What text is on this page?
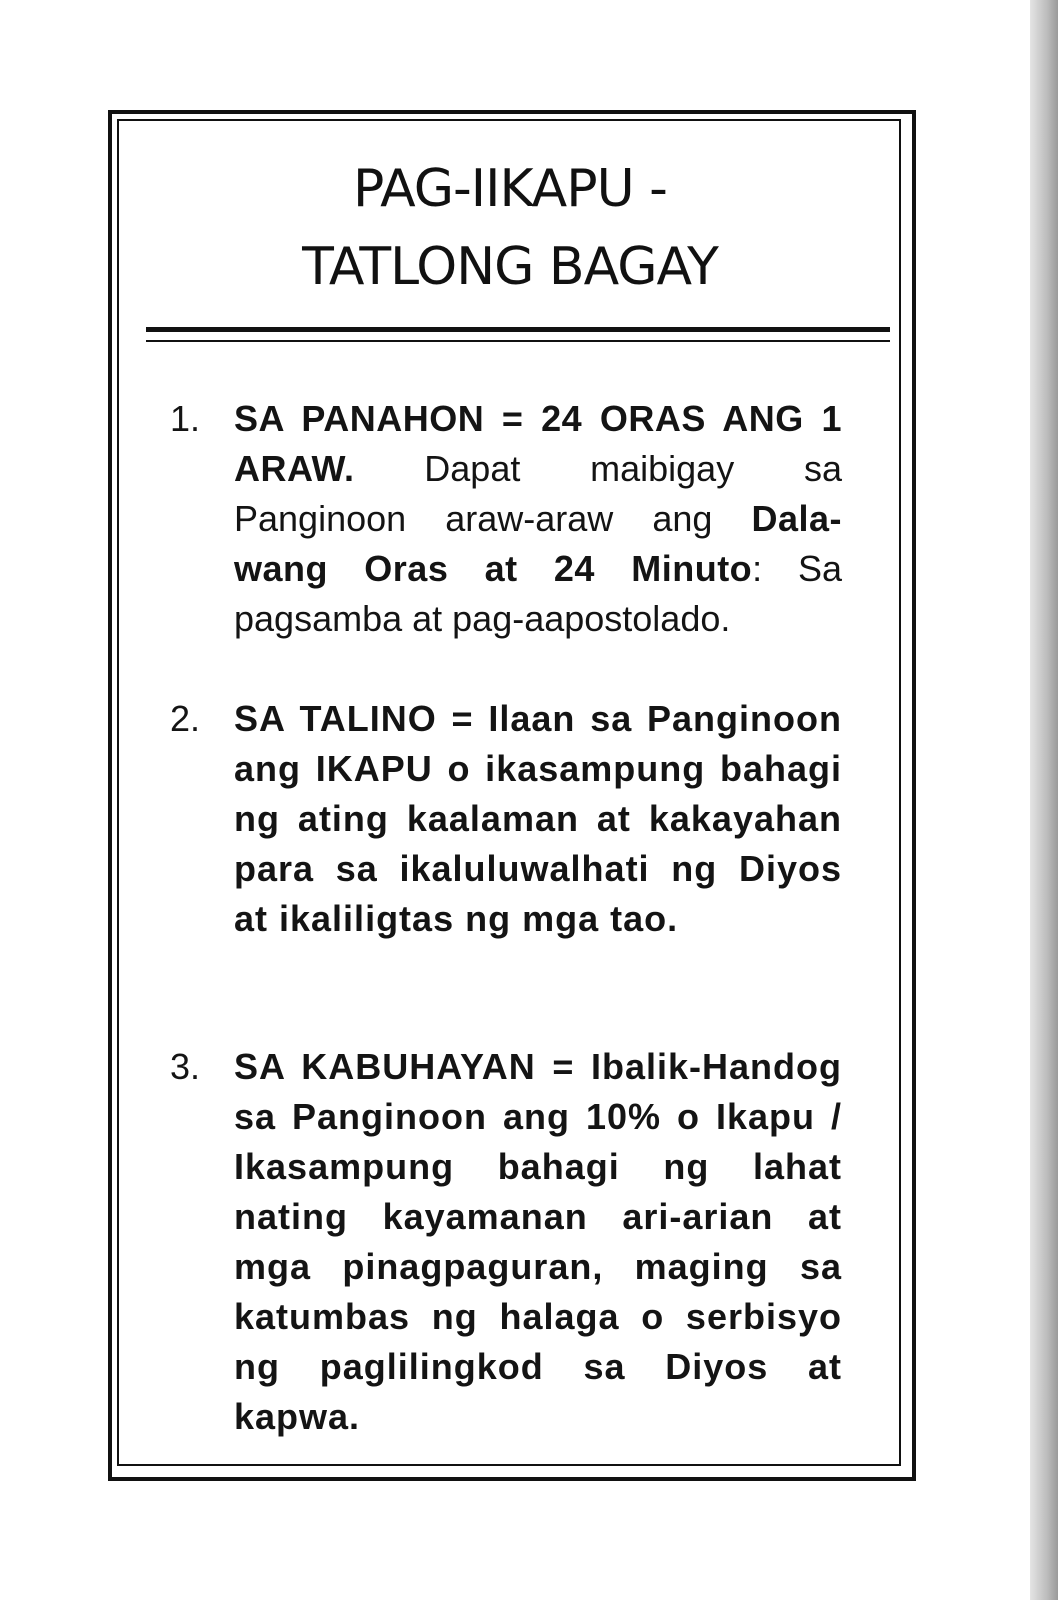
PAG-IIKAPU -
TATLONG BAGAY
1. SA PANAHON = 24 ORAS ANG 1 ARAW. Dapat maibigay sa Panginoon araw-araw ang Dala-wang Oras at 24 Minuto: Sa pagsamba at pag-aapostolado.
2. SA TALINO = Ilaan sa Panginoon ang IKAPU o ikasampung bahagi ng ating kaalaman at kakayahan para sa ikaluluwalhati ng Diyos at ikaliligtas ng mga tao.
3. SA KABUHAYAN = Ibalik-Handog sa Panginoon ang 10% o Ikapu / Ikasampung bahagi ng lahat nating kayamanan ari-arian at mga pinagpaguran, maging sa katumbas ng halaga o serbisyo ng paglilingkod sa Diyos at kapwa.
